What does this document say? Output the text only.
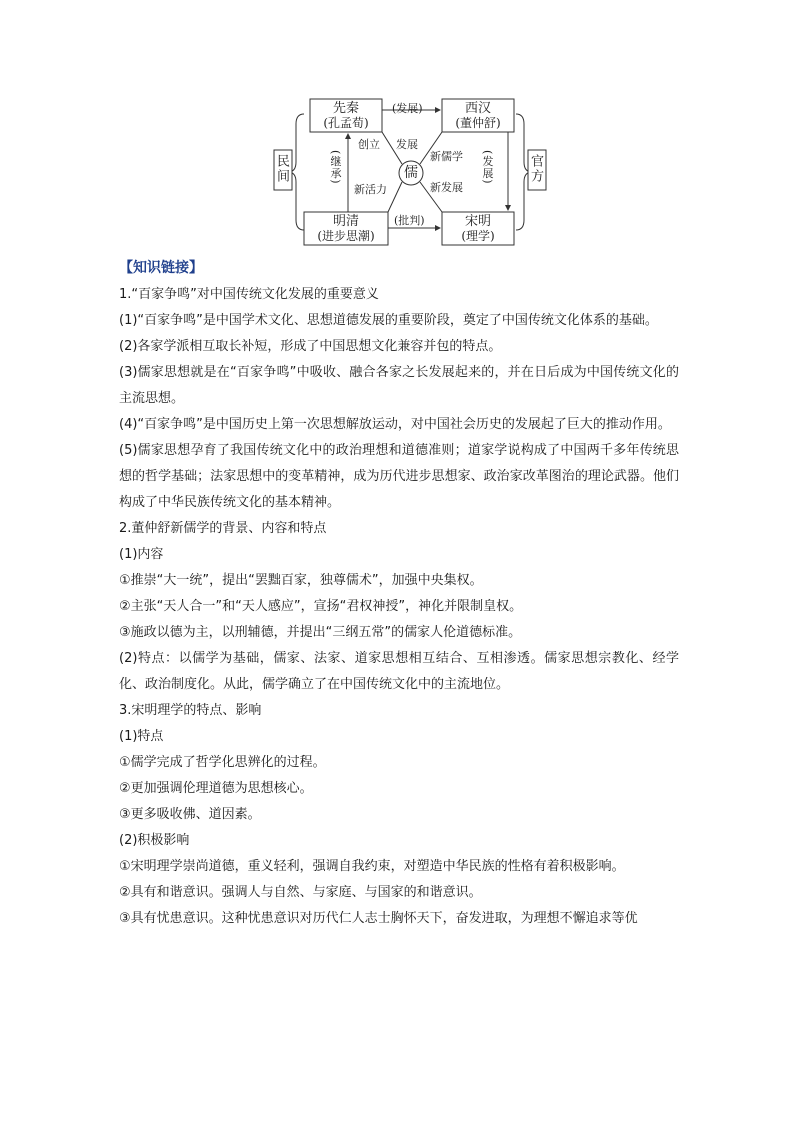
先秦
(孔孟荀)
西汉
(董仲舒)
明清
(进步思潮)
宋明
(理学)
儒
(发展)
(批判)
(继承)	(发展)
创立 发展
新儒学
新活力	新发展
民间	官方
【知识链接】

1.“百家争鸣”对中国传统文化发展的重要意义

(1)“百家争鸣”是中国学术文化、思想道德发展的重要阶段，奠定了中国传统文化体系的基础。

(2)各家学派相互取长补短，形成了中国思想文化兼容并包的特点。

(3)儒家思想就是在“百家争鸣”中吸收、融合各家之长发展起来的，并在日后成为中国传统文化的主流思想。

(4)“百家争鸣”是中国历史上第一次思想解放运动，对中国社会历史的发展起了巨大的推动作用。

(5)儒家思想孕育了我国传统文化中的政治理想和道德准则；道家学说构成了中国两千多年传统思想的哲学基础；法家思想中的变革精神，成为历代进步思想家、政治家改革图治的理论武器。他们构成了中华民族传统文化的基本精神。

2.董仲舒新儒学的背景、内容和特点

(1)内容

①推崇“大一统”，提出“罢黜百家，独尊儒术”，加强中央集权。

②主张“天人合一”和“天人感应”，宣扬“君权神授”，神化并限制皇权。

③施政以德为主，以刑辅德，并提出“三纲五常”的儒家人伦道德标准。

(2)特点：以儒学为基础，儒家、法家、道家思想相互结合、互相渗透。儒家思想宗教化、经学化、政治制度化。从此，儒学确立了在中国传统文化中的主流地位。

3.宋明理学的特点、影响

(1)特点

①儒学完成了哲学化思辨化的过程。

②更加强调伦理道德为思想核心。

③更多吸收佛、道因素。

(2)积极影响

①宋明理学崇尚道德，重义轻利，强调自我约束，对塑造中华民族的性格有着积极影响。

②具有和谐意识。强调人与自然、与家庭、与国家的和谐意识。

③具有忧患意识。这种忧患意识对历代仁人志士胸怀天下，奋发进取，为理想不懈追求等优
